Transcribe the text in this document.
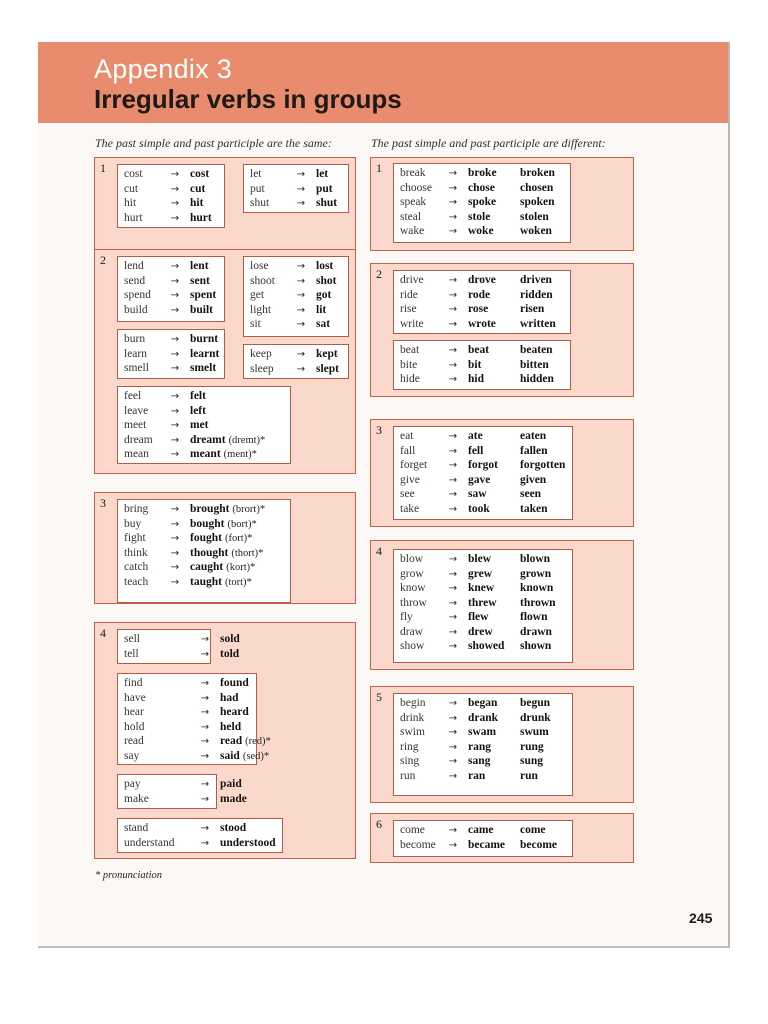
Appendix 3
Irregular verbs in groups
The past simple and past participle are the same:	The past simple and past participle are different:
1	cost	→ cost
cut	→ cut
hit	→ hit
hurt	→ hurt
let	→ let
put	→ put
shut	→ shut
2	lend	→ lent
send	→ sent
spend → spent
build → built
lose	→ lost
shoot → shot
get	→ got
light	→ lit
sit	→ sat
burn	→ burnt
learn → learnt
smell → smelt
keep	→ kept
sleep → slept
feel	→ felt
leave → left
meet → met
dream → dreamt (dremt)*
mean → meant (ment)*
3	bring → brought (brort)*
buy	→ bought (bort)*
fight	→ fought (fort)*
think → thought (thort)*
catch → caught (kort)*
teach → taught (tort)*
4	sell	→ sold
tell	→ told
find	→ found
have	→ had
hear	→ heard
hold	→ held
read	→ read (red)*
say	→ said (sed)*
pay	→ paid
make	→ made
stand	→ stood
understand	→ understood
1	break → broke broken
choose → chose chosen
speak → spoke spoken
steal	→ stole	stolen
wake → woke woken
2	drive	→ drove driven
ride	→ rode	ridden
rise	→ rose	risen
write	→ wrote written
beat	→ beat	beaten
bite	→ bit	bitten
hide	→ hid	hidden
3	eat	→ ate	eaten
fall	→ fell	fallen
forget → forgot forgotten
give	→ gave	given
see	→ saw	seen
take	→ took	taken
4
blow	→ blew	blown
grow	→ grew grown
know → knew known
throw → threw thrown
fly	→ flew	flown
draw	→ drew drawn
show → showed shown
5	begin → began begun
drink → drank drunk
swim → swam swum
ring	→ rang	rung
sing	→ sang	sung
run	→ ran	run
6	come → came come
become → became become
* pronunciation
245
